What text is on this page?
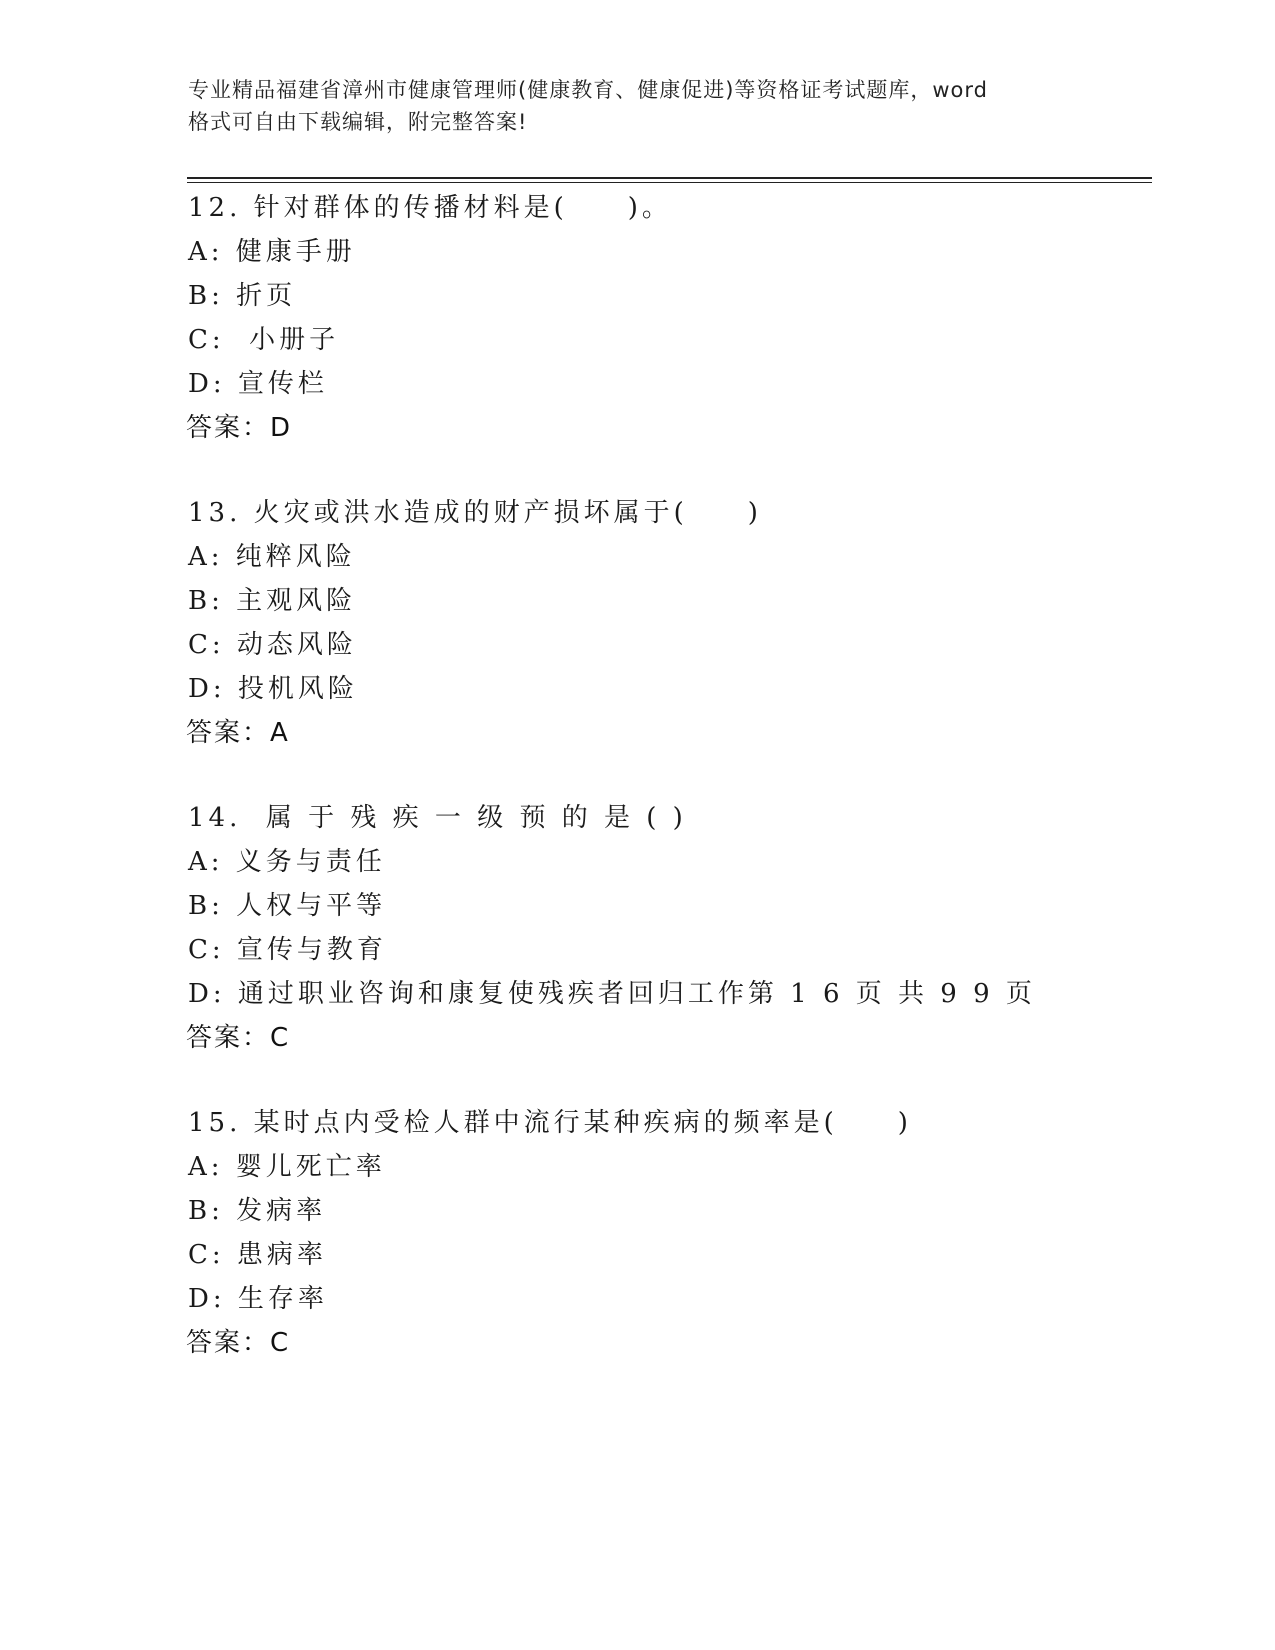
专业精品福建省漳州市健康管理师(健康教育、健康促进)等资格证考试题库，word
格式可自由下载编辑，附完整答案!
12. 针对群体的传播材料是(　　)。
A: 健康手册
B: 折页
C:  小册子
D: 宣传栏
答案：D
13. 火灾或洪水造成的财产损坏属于(　　)
A: 纯粹风险
B: 主观风险
C: 动态风险
D: 投机风险
答案：A
14.  属 于 残 疾 一 级 预 的 是 ( )
A: 义务与责任
B: 人权与平等
C: 宣传与教育
D: 通过职业咨询和康复使残疾者回归工作第 1 6 页 共 9 9 页
答案：C
15. 某时点内受检人群中流行某种疾病的频率是(　　)
A: 婴儿死亡率
B: 发病率
C: 患病率
D: 生存率
答案：C
